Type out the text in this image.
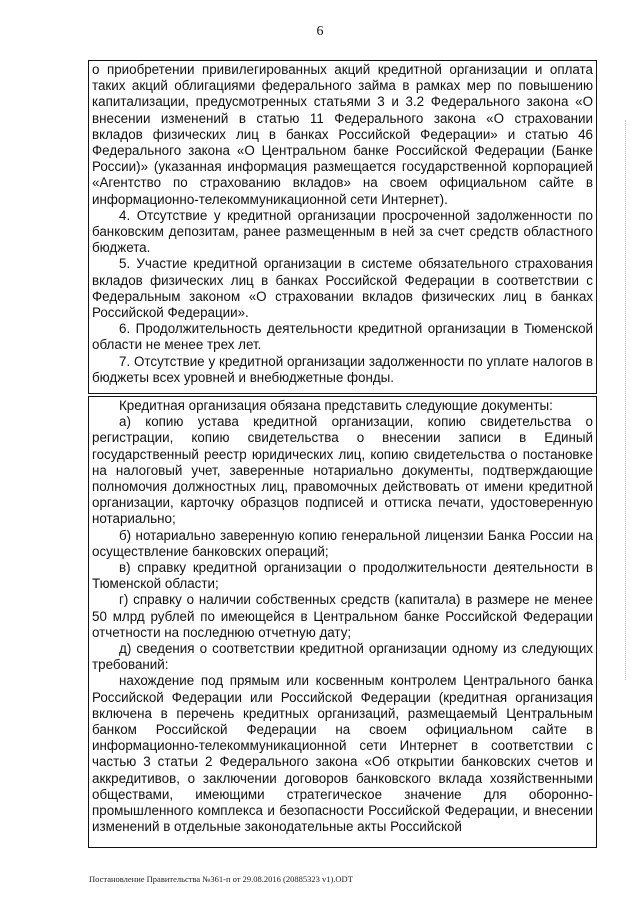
6

о приобретении привилегированных акций кредитной организации и оплата таких акций облигациями федерального займа в рамках мер по повышению капитализации, предусмотренных статьями 3 и 3.2 Федерального закона «О внесении изменений в статью 11 Федерального закона «О страховании вкладов физических лиц в банках Российской Федерации» и статью 46 Федерального закона «О Центральном банке Российской Федерации (Банке России)» (указанная информация размещается государственной корпорацией «Агентство по страхованию вкладов» на своем официальном сайте в информационно-телекоммуникационной сети Интернет).

4. Отсутствие у кредитной организации просроченной задолженности по банковским депозитам, ранее размещенным в ней за счет средств областного бюджета.

5. Участие кредитной организации в системе обязательного страхования вкладов физических лиц в банках Российской Федерации в соответствии с Федеральным законом «О страховании вкладов физических лиц в банках Российской Федерации».

6. Продолжительность деятельности кредитной организации в Тюменской области не менее трех лет.

7. Отсутствие у кредитной организации задолженности по уплате налогов в бюджеты всех уровней и внебюджетные фонды.

Кредитная организация обязана представить следующие документы:

а) копию устава кредитной организации, копию свидетельства о регистрации, копию свидетельства о внесении записи в Единый государственный реестр юридических лиц, копию свидетельства о постановке на налоговый учет, заверенные нотариально документы, подтверждающие полномочия должностных лиц, правомочных действовать от имени кредитной организации, карточку образцов подписей и оттиска печати, удостоверенную нотариально;

б) нотариально заверенную копию генеральной лицензии Банка России на осуществление банковских операций;

в) справку кредитной организации о продолжительности деятельности в Тюменской области;

г) справку о наличии собственных средств (капитала) в размере не менее 50 млрд рублей по имеющейся в Центральном банке Российской Федерации отчетности на последнюю отчетную дату;

д) сведения о соответствии кредитной организации одному из следующих требований:

нахождение под прямым или косвенным контролем Центрального банка Российской Федерации или Российской Федерации (кредитная организация включена в перечень кредитных организаций, размещаемый Центральным банком Российской Федерации на своем официальном сайте в информационно-телекоммуникационной сети Интернет в соответствии с частью 3 статьи 2 Федерального закона «Об открытии банковских счетов и аккредитивов, о заключении договоров банковского вклада хозяйственными обществами, имеющими стратегическое значение для оборонно-промышленного комплекса и безопасности Российской Федерации, и внесении изменений в отдельные законодательные акты Российской

Постановление Правительства №361-п от 29.08.2016 (20885323 v1).ODT
